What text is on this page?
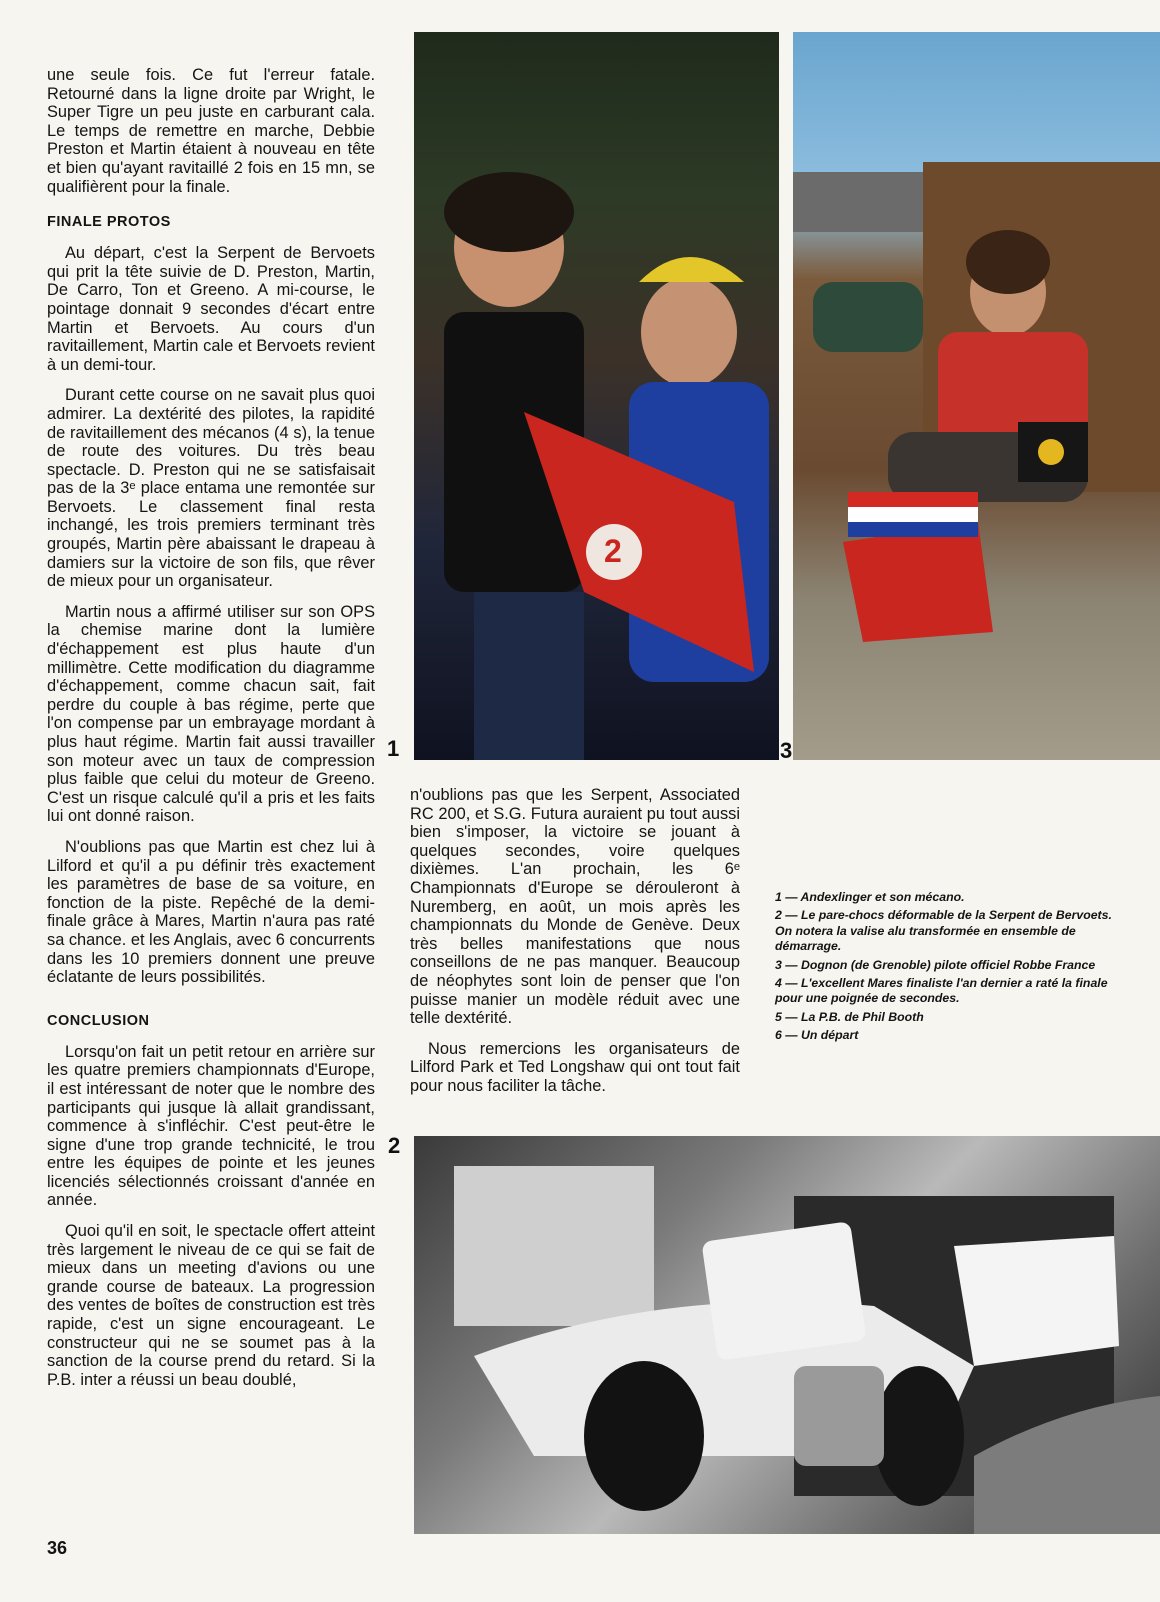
une seule fois. Ce fut l'erreur fatale. Retourné dans la ligne droite par Wright, le Super Tigre un peu juste en carburant cala. Le temps de remettre en marche, Debbie Preston et Martin étaient à nouveau en tête et bien qu'ayant ravitaillé 2 fois en 15 mn, se qualifièrent pour la finale.

FINALE PROTOS

Au départ, c'est la Serpent de Bervoets qui prit la tête suivie de D. Preston, Martin, De Carro, Ton et Greeno. A mi-course, le pointage donnait 9 secondes d'écart entre Martin et Bervoets. Au cours d'un ravitaillement, Martin cale et Bervoets revient à un demi-tour.

Durant cette course on ne savait plus quoi admirer. La dextérité des pilotes, la rapidité de ravitaillement des mécanos (4 s), la tenue de route des voitures. Du très beau spectacle. D. Preston qui ne se satisfaisait pas de la 3ᵉ place entama une remontée sur Bervoets. Le classement final resta inchangé, les trois premiers terminant très groupés, Martin père abaissant le drapeau à damiers sur la victoire de son fils, que rêver de mieux pour un organisateur.

Martin nous a affirmé utiliser sur son OPS la chemise marine dont la lumière d'échappement est plus haute d'un millimètre. Cette modification du diagramme d'échappement, comme chacun sait, fait perdre du couple à bas régime, perte que l'on compense par un embrayage mordant à plus haut régime. Martin fait aussi travailler son moteur avec un taux de compression plus faible que celui du moteur de Greeno. C'est un risque calculé qu'il a pris et les faits lui ont donné raison.

N'oublions pas que Martin est chez lui à Lilford et qu'il a pu définir très exactement les paramètres de base de sa voiture, en fonction de la piste. Repêché de la demi-finale grâce à Mares, Martin n'aura pas raté sa chance. et les Anglais, avec 6 concurrents dans les 10 premiers donnent une preuve éclatante de leurs possibilités.

CONCLUSION

Lorsqu'on fait un petit retour en arrière sur les quatre premiers championnats d'Europe, il est intéressant de noter que le nombre des participants qui jusque là allait grandissant, commence à s'infléchir. C'est peut-être le signe d'une trop grande technicité, le trou entre les équipes de pointe et les jeunes licenciés sélectionnés croissant d'année en année.

Quoi qu'il en soit, le spectacle offert atteint très largement le niveau de ce qui se fait de mieux dans un meeting d'avions ou une grande course de bateaux. La progression des ventes de boîtes de construction est très rapide, c'est un signe encourageant. Le constructeur qui ne se soumet pas à la sanction de la course prend du retard. Si la P.B. inter a réussi un beau doublé,

2
1	3

n'oublions pas que les Serpent, Associated RC 200, et S.G. Futura auraient pu tout aussi bien s'imposer, la victoire se jouant à quelques secondes, voire quelques dixièmes. L'an prochain, les 6ᵉ Championnats d'Europe se dérouleront à Nuremberg, en août, un mois après les championnats du Monde de Genève. Deux très belles manifestations que nous conseillons de ne pas manquer. Beaucoup de néophytes sont loin de penser que l'on puisse manier un modèle réduit avec une telle dextérité.

Nous remercions les organisateurs de Lilford Park et Ted Longshaw qui ont tout fait pour nous faciliter la tâche.

1 — Andexlinger et son mécano.
2 — Le pare-chocs déformable de la Serpent de Bervoets. On notera la valise alu transformée en ensemble de démarrage.
3 — Dognon (de Grenoble) pilote officiel Robbe France
4 — L'excellent Mares finaliste l'an dernier a raté la finale pour une poignée de secondes.
5 — La P.B. de Phil Booth
6 — Un départ
2
36
